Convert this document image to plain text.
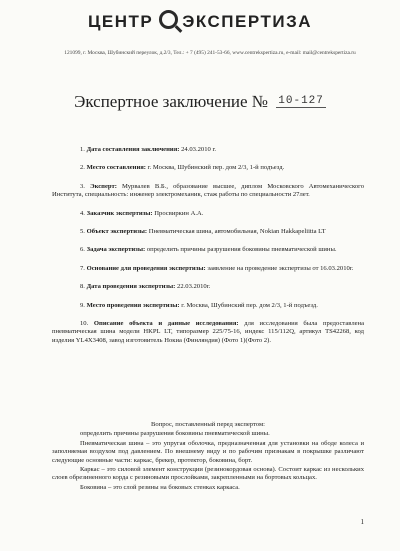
ЦЕНТР ЭКСПЕРТИЗА
121099, г. Москва, Шубинский переулок, д.2/3, Тел.: + 7 (495) 241-53-66, www.centrekspertiza.ru, e-mail: mail@centrekspertiza.ru
Экспертное заключение № $^{10-127}$
1. Дата составления заключения: 24.03.2010 г.
2. Место составления: г. Москва, Шубинский пер. дом 2/3, 1-й подъезд.
3. Эксперт: Мурвалев В.Б., образование высшее, диплом Московского Автомеханического Института, специальность: инженер электромеханик, стаж работы по специальности 27лет.
4. Заказчик экспертизы: Просвиркин А.А.
5. Объект экспертизы: Пневматическая шина, автомобильная, Nokian Hakkapeliitta LT
6. Задача экспертизы: определить причины разрушения боковины пневматической шины.
7. Основание для проведения экспертизы: заявление на проведение экспертизы от 16.03.2010г.
8. Дата проведения экспертизы: 22.03.2010г.
9. Место проведения экспертизы: г. Москва, Шубинский пер. дом 2/3, 1-й подъезд.
10. Описание объекта и данные исследования: для исследования была предоставлена пневматическая шина модели HKPL LT, типоразмер 225/75-16, индекс 115/112Q, артикул TS42268, код изделия YL4X3408, завод изготовитель Нокиа (Финляндия) (Фото 1)(Фото 2).

Вопрос, поставленный перед экспертом:

определить причины разрушения боковины пневматической шины.

Пневматическая шина – это упругая оболочка, предназначенная для установки на ободе колеса и заполняемая воздухом под давлением. По внешнему виду и по рабочим признакам в покрышке различают следующие основные части: каркас, брекер, протектор, боковина, борт.

Каркас – это силовой элемент конструкции (резинокордовая основа). Состоит каркас из нескольких слоев обрезиненного корда с резиновыми прослойками, закрепленными на бортовых кольцах.

Боковина – это слой резины на боковых стенках каркаса.

1
